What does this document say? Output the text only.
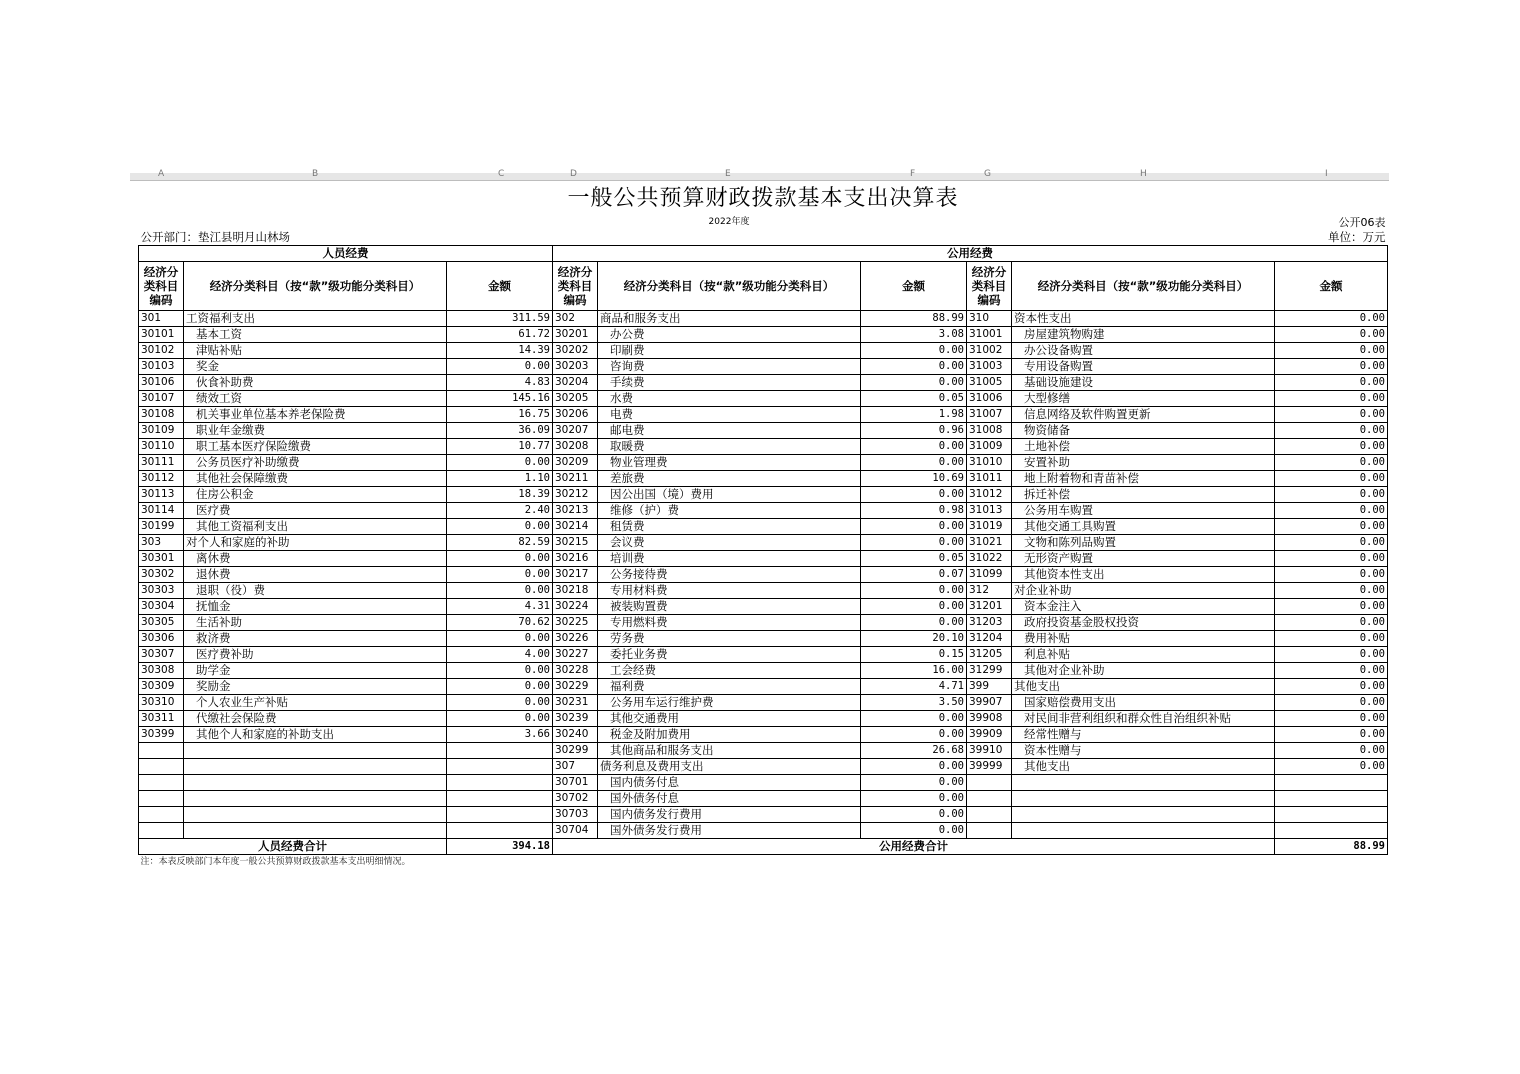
A	B	C	D	E	F	G	H	I
一般公共预算财政拨款基本支出决算表								
				2022年度				公开06表
公开部门：垫江县明月山林场								单位：万元
人员经费			公用经费					
经济分类科目编码	经济分类科目（按“款”级功能分类科目）	金额	经济分类科目编码	经济分类科目（按“款”级功能分类科目）	金额	经济分类科目编码	经济分类科目（按“款”级功能分类科目）	金额
301	工资福利支出	311.59	302	商品和服务支出	88.99	310	资本性支出	0.00
30101	基本工资	61.72	30201	办公费	3.08	31001	房屋建筑物购建	0.00
30102	津贴补贴	14.39	30202	印刷费	0.00	31002	办公设备购置	0.00
30103	奖金	0.00	30203	咨询费	0.00	31003	专用设备购置	0.00
30106	伙食补助费	4.83	30204	手续费	0.00	31005	基础设施建设	0.00
30107	绩效工资	145.16	30205	水费	0.05	31006	大型修缮	0.00
30108	机关事业单位基本养老保险费	16.75	30206	电费	1.98	31007	信息网络及软件购置更新	0.00
30109	职业年金缴费	36.09	30207	邮电费	0.96	31008	物资储备	0.00
30110	职工基本医疗保险缴费	10.77	30208	取暖费	0.00	31009	土地补偿	0.00
30111	公务员医疗补助缴费	0.00	30209	物业管理费	0.00	31010	安置补助	0.00
30112	其他社会保障缴费	1.10	30211	差旅费	10.69	31011	地上附着物和青苗补偿	0.00
30113	住房公积金	18.39	30212	因公出国（境）费用	0.00	31012	拆迁补偿	0.00
30114	医疗费	2.40	30213	维修（护）费	0.98	31013	公务用车购置	0.00
30199	其他工资福利支出	0.00	30214	租赁费	0.00	31019	其他交通工具购置	0.00
303	对个人和家庭的补助	82.59	30215	会议费	0.00	31021	文物和陈列品购置	0.00
30301	离休费	0.00	30216	培训费	0.05	31022	无形资产购置	0.00
30302	退休费	0.00	30217	公务接待费	0.07	31099	其他资本性支出	0.00
30303	退职（役）费	0.00	30218	专用材料费	0.00	312	对企业补助	0.00
30304	抚恤金	4.31	30224	被装购置费	0.00	31201	资本金注入	0.00
30305	生活补助	70.62	30225	专用燃料费	0.00	31203	政府投资基金股权投资	0.00
30306	救济费	0.00	30226	劳务费	20.10	31204	费用补贴	0.00
30307	医疗费补助	4.00	30227	委托业务费	0.15	31205	利息补贴	0.00
30308	助学金	0.00	30228	工会经费	16.00	31299	其他对企业补助	0.00
30309	奖励金	0.00	30229	福利费	4.71	399	其他支出	0.00
30310	个人农业生产补贴	0.00	30231	公务用车运行维护费	3.50	39907	国家赔偿费用支出	0.00
30311	代缴社会保险费	0.00	30239	其他交通费用	0.00	39908	对民间非营利组织和群众性自治组织补贴	0.00
30399	其他个人和家庭的补助支出	3.66	30240	税金及附加费用	0.00	39909	经常性赠与	0.00
			30299	其他商品和服务支出	26.68	39910	资本性赠与	0.00
			307	债务利息及费用支出	0.00	39999	其他支出	0.00
			30701	国内债务付息	0.00			
			30702	国外债务付息	0.00			
			30703	国内债务发行费用	0.00			
			30704	国外债务发行费用	0.00			
人员经费合计		394.18	公用经费合计					88.99
注：本表反映部门本年度一般公共预算财政拨款基本支出明细情况。								
